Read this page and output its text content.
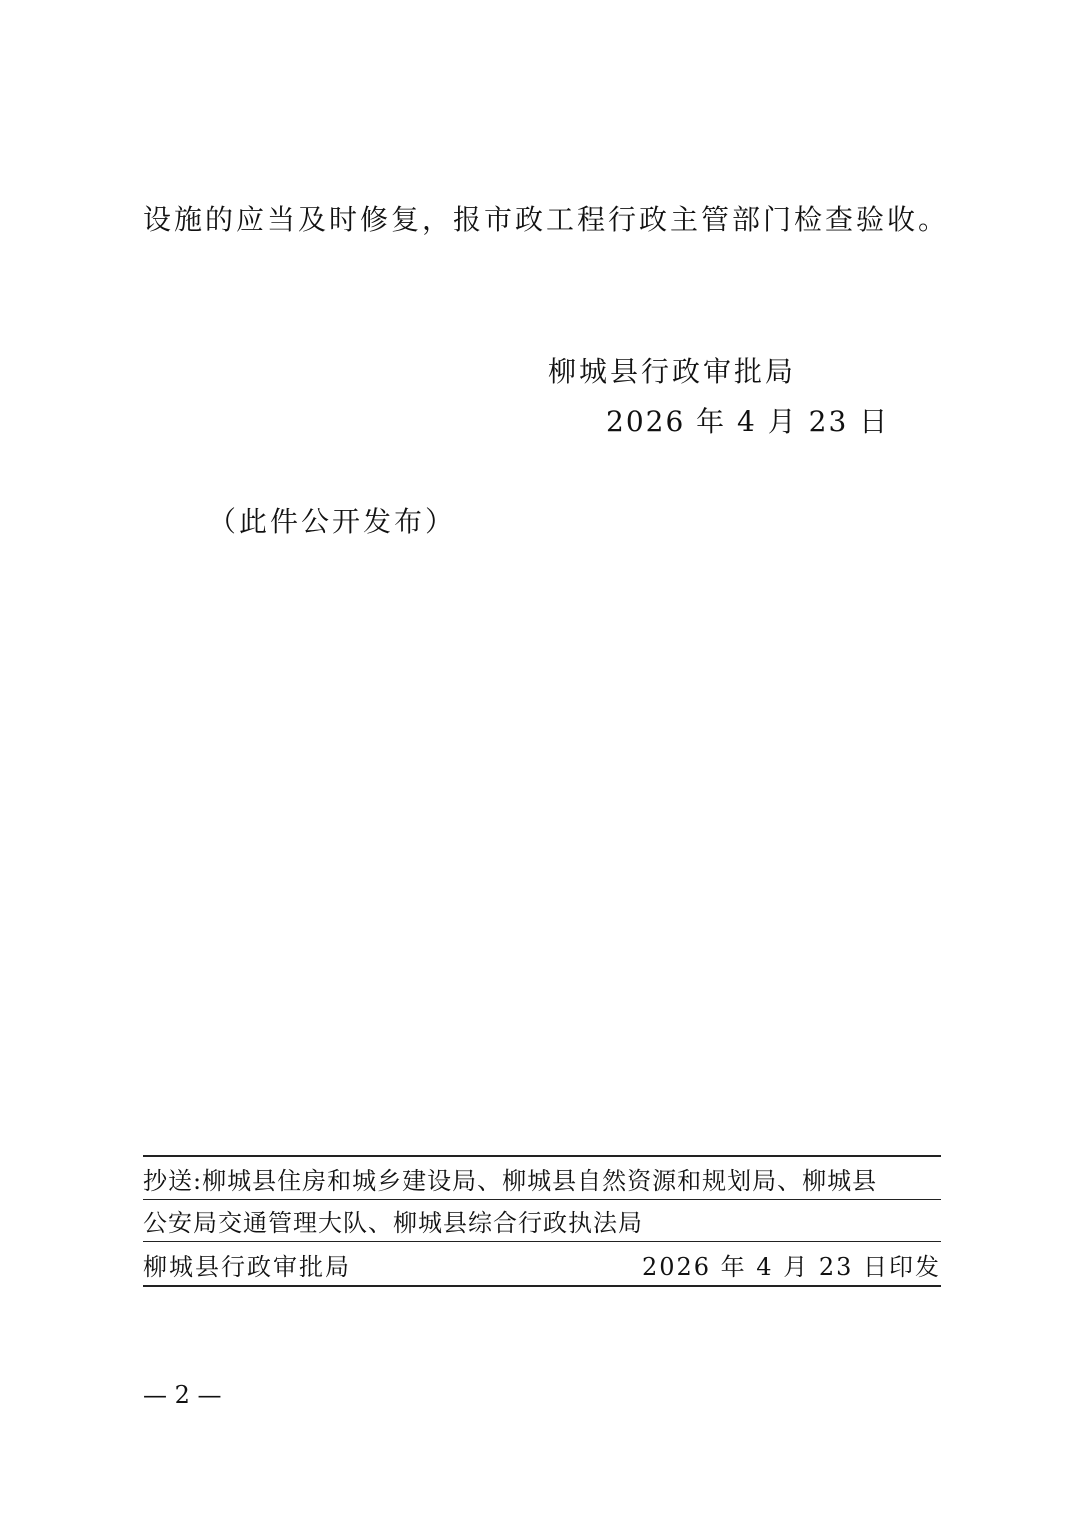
设施的应当及时修复，报市政工程行政主管部门检查验收。
柳城县行政审批局
2026 年 4 月 23 日
（此件公开发布）
抄送:柳城县住房和城乡建设局、柳城县自然资源和规划局、柳城县
公安局交通管理大队、柳城县综合行政执法局
柳城县行政审批局	2026 年 4 月 23 日印发
— 2 —
